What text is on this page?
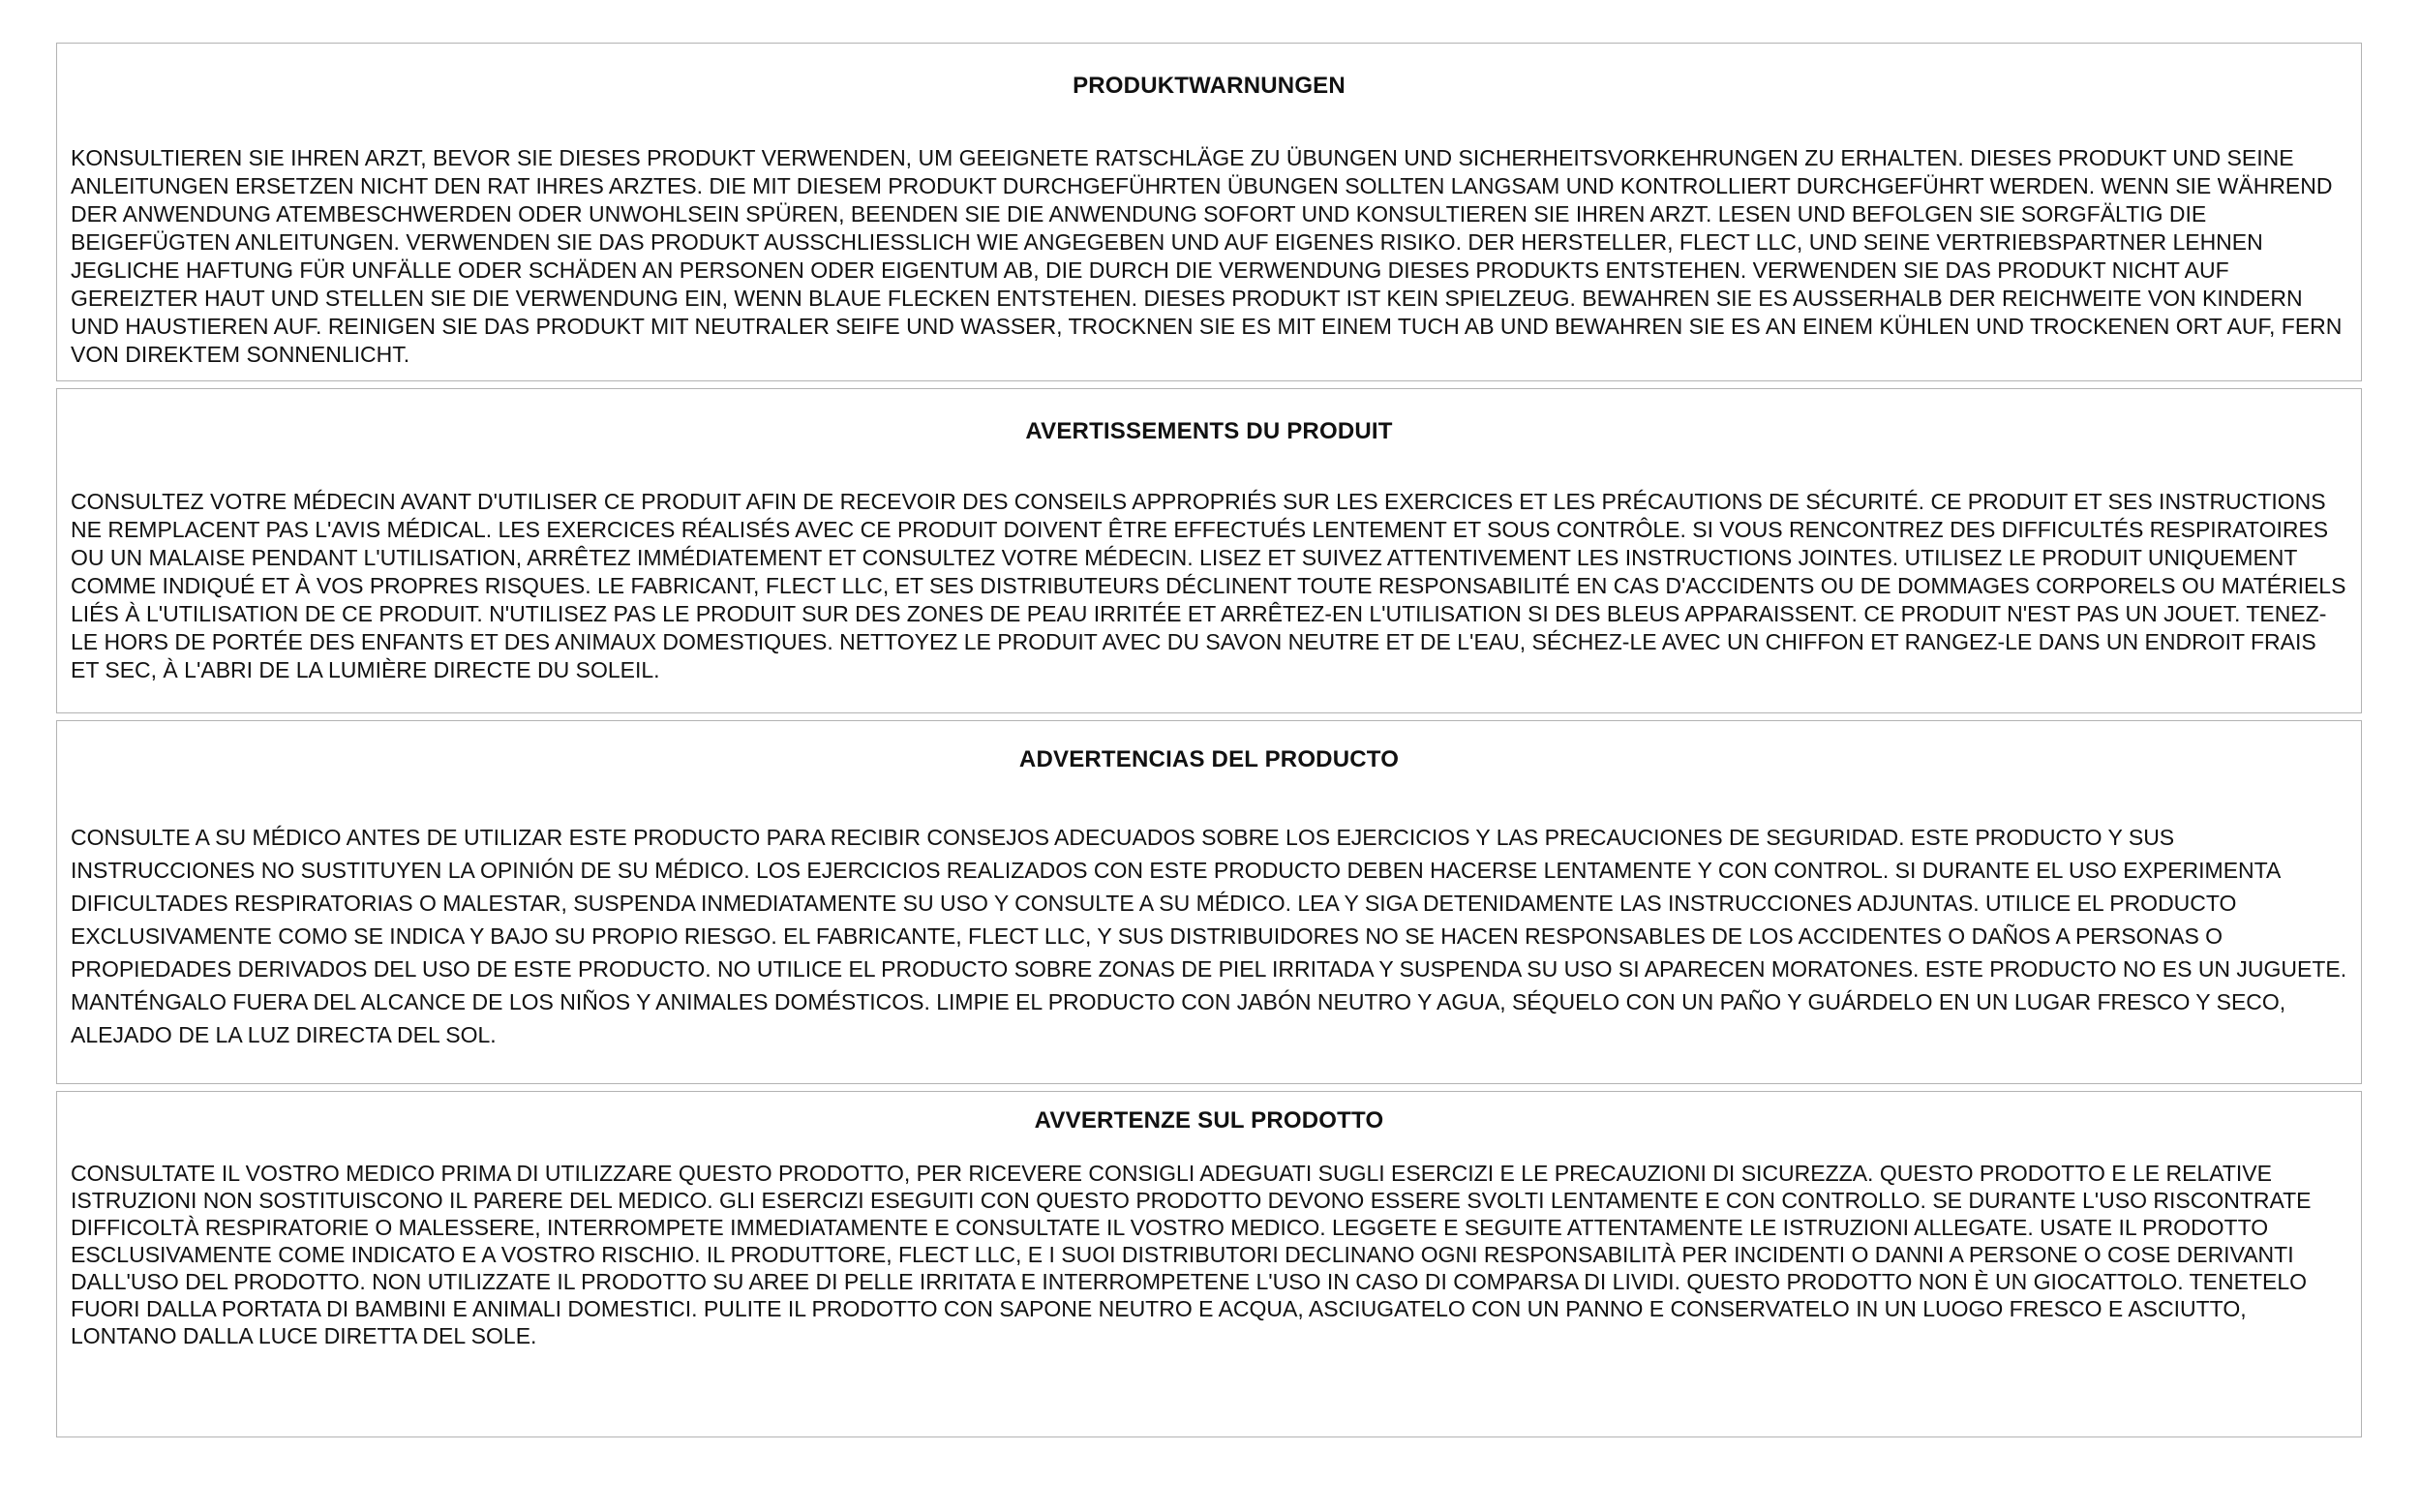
PRODUKTWARNUNGEN
KONSULTIEREN SIE IHREN ARZT, BEVOR SIE DIESES PRODUKT VERWENDEN, UM GEEIGNETE RATSCHLÄGE ZU ÜBUNGEN UND SICHERHEITSVORKEHRUNGEN ZU ERHALTEN. DIESES PRODUKT UND SEINE ANLEITUNGEN ERSETZEN NICHT DEN RAT IHRES ARZTES. DIE MIT DIESEM PRODUKT DURCHGEFÜHRTEN ÜBUNGEN SOLLTEN LANGSAM UND KONTROLLIERT DURCHGEFÜHRT WERDEN. WENN SIE WÄHREND DER ANWENDUNG ATEMBESCHWERDEN ODER UNWOHLSEIN SPÜREN, BEENDEN SIE DIE ANWENDUNG SOFORT UND KONSULTIEREN SIE IHREN ARZT. LESEN UND BEFOLGEN SIE SORGFÄLTIG DIE BEIGEFÜGTEN ANLEITUNGEN. VERWENDEN SIE DAS PRODUKT AUSSCHLIESSLICH WIE ANGEGEBEN UND AUF EIGENES RISIKO. DER HERSTELLER, FLECT LLC, UND SEINE VERTRIEBSPARTNER LEHNEN JEGLICHE HAFTUNG FÜR UNFÄLLE ODER SCHÄDEN AN PERSONEN ODER EIGENTUM AB, DIE DURCH DIE VERWENDUNG DIESES PRODUKTS ENTSTEHEN. VERWENDEN SIE DAS PRODUKT NICHT AUF GEREIZTER HAUT UND STELLEN SIE DIE VERWENDUNG EIN, WENN BLAUE FLECKEN ENTSTEHEN. DIESES PRODUKT IST KEIN SPIELZEUG. BEWAHREN SIE ES AUSSERHALB DER REICHWEITE VON KINDERN UND HAUSTIEREN AUF. REINIGEN SIE DAS PRODUKT MIT NEUTRALER SEIFE UND WASSER, TROCKNEN SIE ES MIT EINEM TUCH AB UND BEWAHREN SIE ES AN EINEM KÜHLEN UND TROCKENEN ORT AUF, FERN VON DIREKTEM SONNENLICHT.
AVERTISSEMENTS DU PRODUIT
CONSULTEZ VOTRE MÉDECIN AVANT D'UTILISER CE PRODUIT AFIN DE RECEVOIR DES CONSEILS APPROPRIÉS SUR LES EXERCICES ET LES PRÉCAUTIONS DE SÉCURITÉ. CE PRODUIT ET SES INSTRUCTIONS NE REMPLACENT PAS L'AVIS MÉDICAL. LES EXERCICES RÉALISÉS AVEC CE PRODUIT DOIVENT ÊTRE EFFECTUÉS LENTEMENT ET SOUS CONTRÔLE. SI VOUS RENCONTREZ DES DIFFICULTÉS RESPIRATOIRES OU UN MALAISE PENDANT L'UTILISATION, ARRÊTEZ IMMÉDIATEMENT ET CONSULTEZ VOTRE MÉDECIN. LISEZ ET SUIVEZ ATTENTIVEMENT LES INSTRUCTIONS JOINTES. UTILISEZ LE PRODUIT UNIQUEMENT COMME INDIQUÉ ET À VOS PROPRES RISQUES. LE FABRICANT, FLECT LLC, ET SES DISTRIBUTEURS DÉCLINENT TOUTE RESPONSABILITÉ EN CAS D'ACCIDENTS OU DE DOMMAGES CORPORELS OU MATÉRIELS LIÉS À L'UTILISATION DE CE PRODUIT. N'UTILISEZ PAS LE PRODUIT SUR DES ZONES DE PEAU IRRITÉE ET ARRÊTEZ-EN L'UTILISATION SI DES BLEUS APPARAISSENT. CE PRODUIT N'EST PAS UN JOUET. TENEZ-LE HORS DE PORTÉE DES ENFANTS ET DES ANIMAUX DOMESTIQUES. NETTOYEZ LE PRODUIT AVEC DU SAVON NEUTRE ET DE L'EAU, SÉCHEZ-LE AVEC UN CHIFFON ET RANGEZ-LE DANS UN ENDROIT FRAIS ET SEC, À L'ABRI DE LA LUMIÈRE DIRECTE DU SOLEIL.
ADVERTENCIAS DEL PRODUCTO
CONSULTE A SU MÉDICO ANTES DE UTILIZAR ESTE PRODUCTO PARA RECIBIR CONSEJOS ADECUADOS SOBRE LOS EJERCICIOS Y LAS PRECAUCIONES DE SEGURIDAD. ESTE PRODUCTO Y SUS INSTRUCCIONES NO SUSTITUYEN LA OPINIÓN DE SU MÉDICO. LOS EJERCICIOS REALIZADOS CON ESTE PRODUCTO DEBEN HACERSE LENTAMENTE Y CON CONTROL. SI DURANTE EL USO EXPERIMENTA DIFICULTADES RESPIRATORIAS O MALESTAR, SUSPENDA INMEDIATAMENTE SU USO Y CONSULTE A SU MÉDICO. LEA Y SIGA DETENIDAMENTE LAS INSTRUCCIONES ADJUNTAS. UTILICE EL PRODUCTO EXCLUSIVAMENTE COMO SE INDICA Y BAJO SU PROPIO RIESGO. EL FABRICANTE, FLECT LLC, Y SUS DISTRIBUIDORES NO SE HACEN RESPONSABLES DE LOS ACCIDENTES O DAÑOS A PERSONAS O PROPIEDADES DERIVADOS DEL USO DE ESTE PRODUCTO. NO UTILICE EL PRODUCTO SOBRE ZONAS DE PIEL IRRITADA Y SUSPENDA SU USO SI APARECEN MORATONES. ESTE PRODUCTO NO ES UN JUGUETE. MANTÉNGALO FUERA DEL ALCANCE DE LOS NIÑOS Y ANIMALES DOMÉSTICOS. LIMPIE EL PRODUCTO CON JABÓN NEUTRO Y AGUA, SÉQUELO CON UN PAÑO Y GUÁRDELO EN UN LUGAR FRESCO Y SECO, ALEJADO DE LA LUZ DIRECTA DEL SOL.
AVVERTENZE SUL PRODOTTO
CONSULTATE IL VOSTRO MEDICO PRIMA DI UTILIZZARE QUESTO PRODOTTO, PER RICEVERE CONSIGLI ADEGUATI SUGLI ESERCIZI E LE PRECAUZIONI DI SICUREZZA. QUESTO PRODOTTO E LE RELATIVE ISTRUZIONI NON SOSTITUISCONO IL PARERE DEL MEDICO. GLI ESERCIZI ESEGUITI CON QUESTO PRODOTTO DEVONO ESSERE SVOLTI LENTAMENTE E CON CONTROLLO. SE DURANTE L'USO RISCONTRATE DIFFICOLTÀ RESPIRATORIE O MALESSERE, INTERROMPETE IMMEDIATAMENTE E CONSULTATE IL VOSTRO MEDICO. LEGGETE E SEGUITE ATTENTAMENTE LE ISTRUZIONI ALLEGATE. USATE IL PRODOTTO ESCLUSIVAMENTE COME INDICATO E A VOSTRO RISCHIO. IL PRODUTTORE, FLECT LLC, E I SUOI DISTRIBUTORI DECLINANO OGNI RESPONSABILITÀ PER INCIDENTI O DANNI A PERSONE O COSE DERIVANTI DALL'USO DEL PRODOTTO. NON UTILIZZATE IL PRODOTTO SU AREE DI PELLE IRRITATA E INTERROMPETENE L'USO IN CASO DI COMPARSA DI LIVIDI. QUESTO PRODOTTO NON È UN GIOCATTOLO. TENETELO FUORI DALLA PORTATA DI BAMBINI E ANIMALI DOMESTICI. PULITE IL PRODOTTO CON SAPONE NEUTRO E ACQUA, ASCIUGATELO CON UN PANNO E CONSERVATELO IN UN LUOGO FRESCO E ASCIUTTO, LONTANO DALLA LUCE DIRETTA DEL SOLE.
